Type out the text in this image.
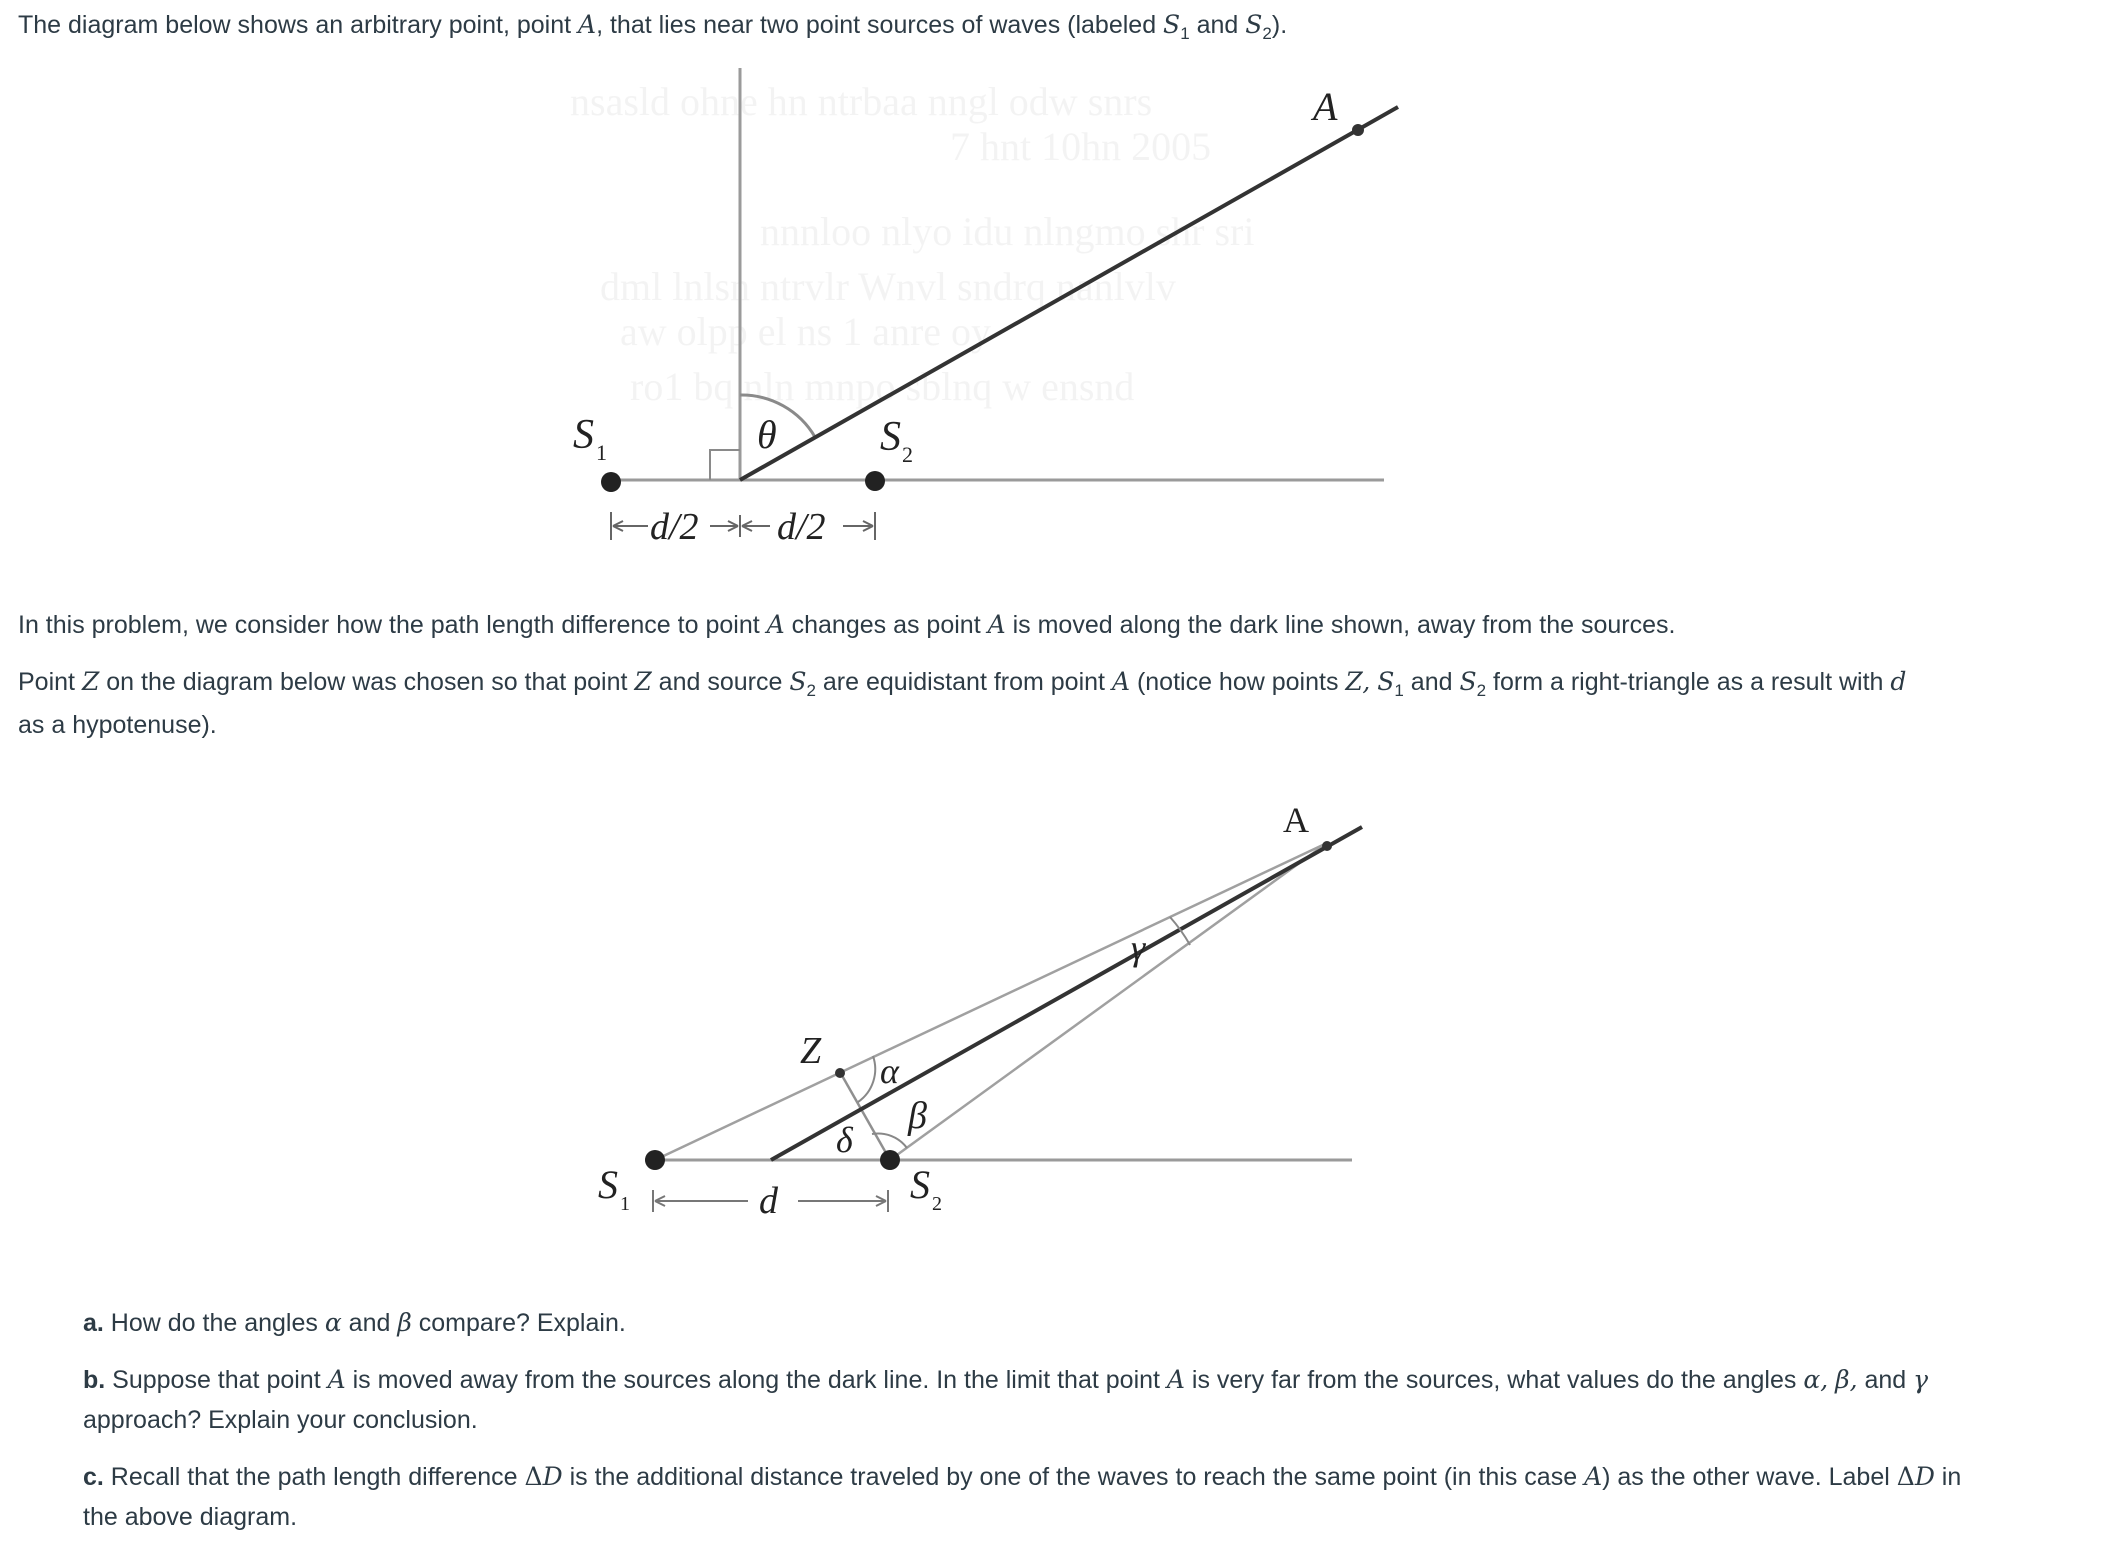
The diagram below shows an arbitrary point, point A, that lies near two point sources of waves (labeled $S_1$ and $S_2$).
nsasld ohne hn ntrbaa nngl odw snrs
7 hnt 10hn 2005
nnnloo nlyo idu nlngmo shr sri
dml lnlsn ntrvlr Wnvl sndrq nanlvlv
aw olpp el ns 1 anre oy
ro1 bq nln mnpo sblnq w ensnd
A
S 1	θ S 2
d/2 d/2
In this problem, we consider how the path length difference to point A changes as point A is moved along the dark line shown, away from the sources.
Point Z on the diagram below was chosen so that point Z and source $S_2$ are equidistant from point A (notice how points Z, $S_1$ and $S_2$ form a right-triangle as a result with d as a hypotenuse).
A
Z α
β
γ
δ
S 1	S 2
d
a. How do the angles α and β compare? Explain.
b. Suppose that point A is moved away from the sources along the dark line. In the limit that point A is very far from the sources, what values do the angles α, β, and γ approach? Explain your conclusion.
c. Recall that the path length difference ΔD is the additional distance traveled by one of the waves to reach the same point (in this case A) as the other wave. Label ΔD in the above diagram.
